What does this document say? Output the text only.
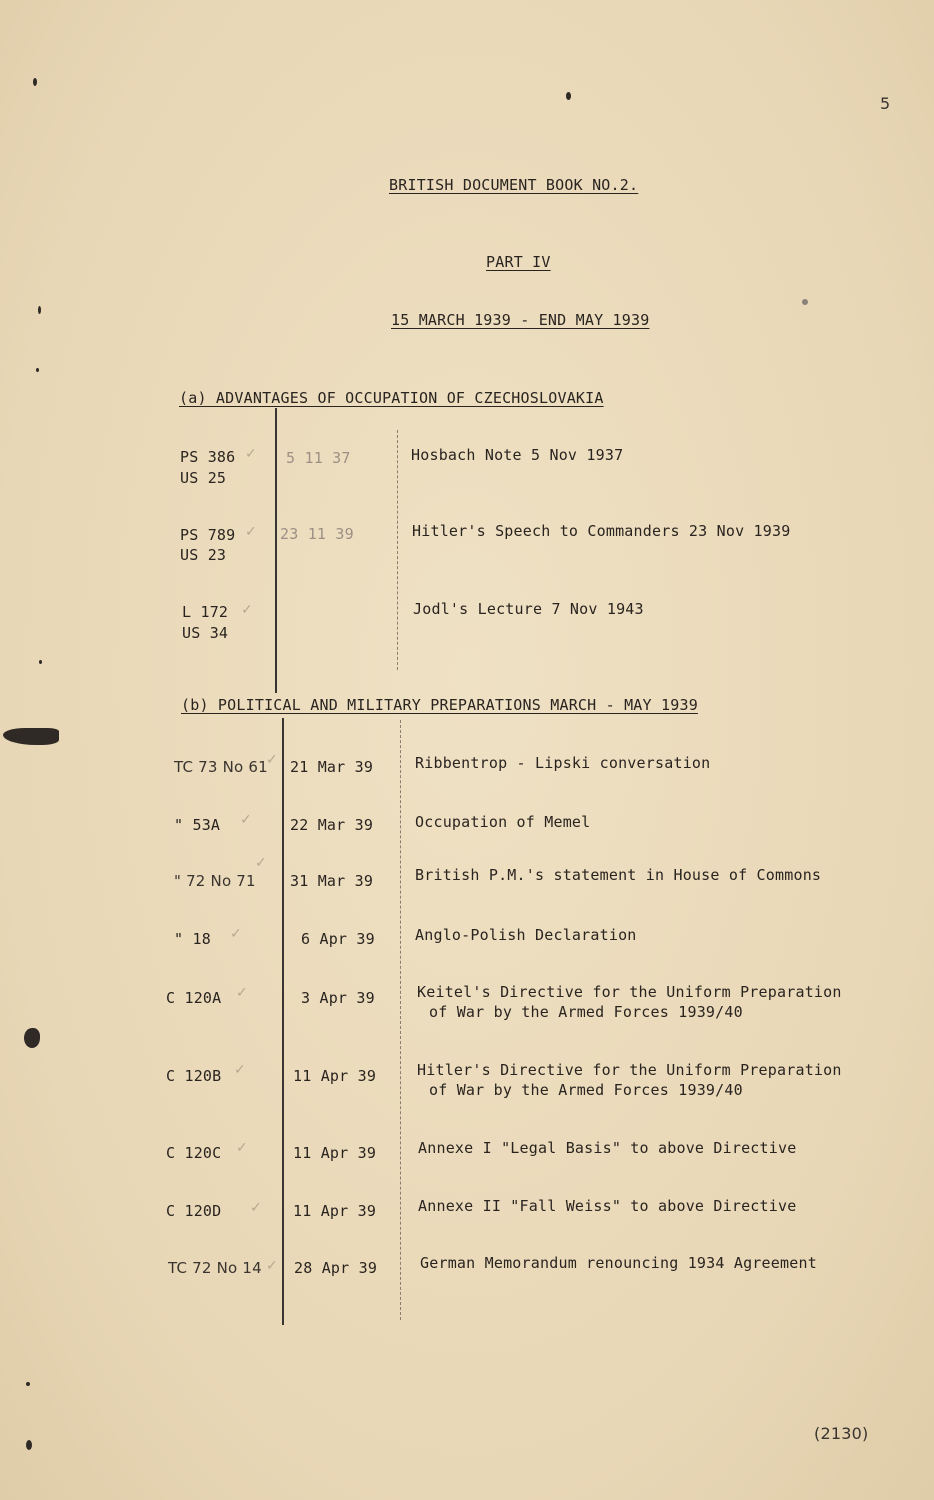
5
BRITISH DOCUMENT BOOK NO.2.
PART IV
15 MARCH 1939 - END MAY 1939
(a) ADVANTAGES OF OCCUPATION OF CZECHOSLOVAKIA
PS 386
US 25
5 11 37	Hosbach Note 5 Nov 1937
PS 789
US 23
23 11 39	Hitler's Speech to Commanders 23 Nov 1939
L 172
US 34
Jodl's Lecture 7 Nov 1943
(b) POLITICAL AND MILITARY PREPARATIONS MARCH - MAY 1939
TC 73 No 61 21 Mar 39	Ribbentrop - Lipski conversation
" 53A	22 Mar 39	Occupation of Memel
" 72 No 71 31 Mar 39	British P.M.'s statement in House of Commons
" 18	6 Apr 39	Anglo-Polish Declaration
C 120A	3 Apr 39	Keitel's Directive for the Uniform Preparation
of War by the Armed Forces 1939/40
C 120B	11 Apr 39	Hitler's Directive for the Uniform Preparation
of War by the Armed Forces 1939/40
C 120C	11 Apr 39	Annexe I "Legal Basis" to above Directive
C 120D	11 Apr 39	Annexe II "Fall Weiss" to above Directive
TC 72 No 14 28 Apr 39	German Memorandum renouncing 1934 Agreement
✓
✓
✓
✓
✓
✓
✓
✓
✓
✓
✓
✓
(2130)
